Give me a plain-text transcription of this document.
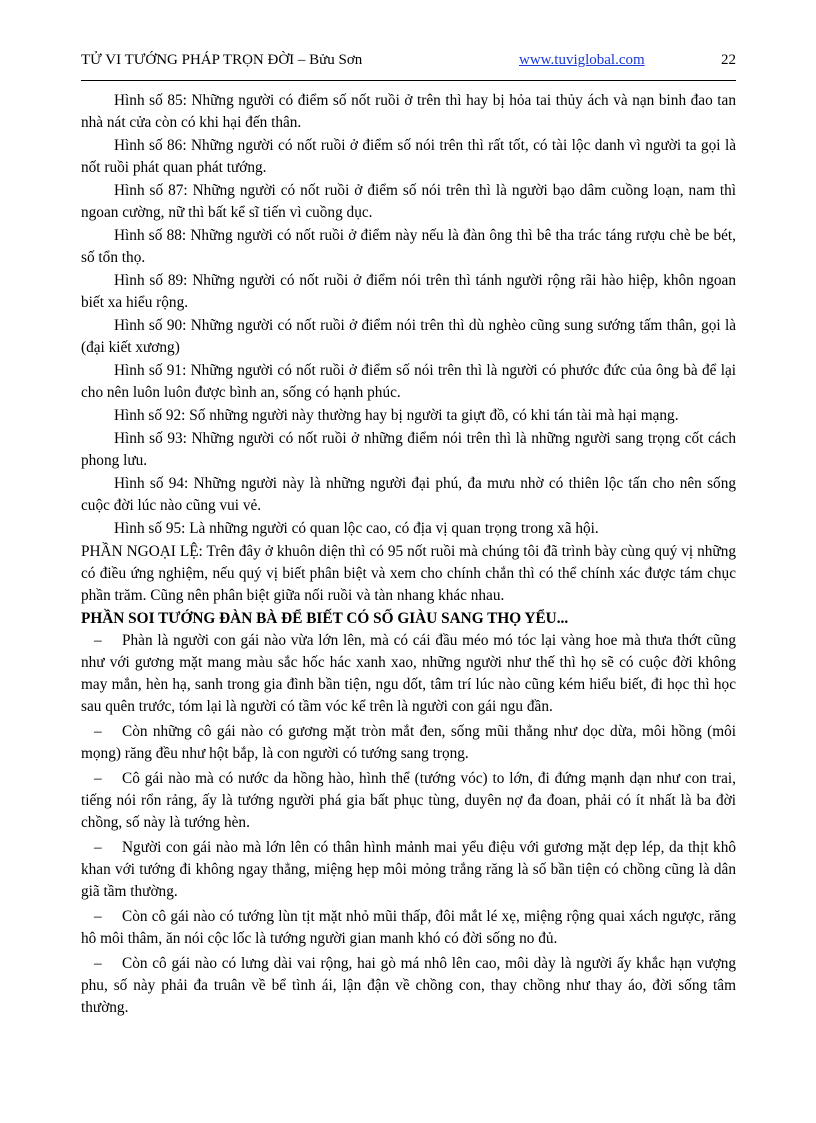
TỬ VI TƯỚNG PHÁP TRỌN ĐỜI – Bửu Sơn	www.tuviglobal.com	22

Hình số 85: Những người có điểm số nốt ruồi ở trên thì hay bị hỏa tai thủy ách và nạn binh đao tan nhà nát cửa còn có khi hại đến thân.

Hình số 86: Những người có nốt ruồi ở điểm số nói trên thì rất tốt, có tài lộc danh vì người ta gọi là nốt ruồi phát quan phát tướng.

Hình số 87: Những người có nốt ruồi ở điểm số nói trên thì là người bạo dâm cuồng loạn, nam thì ngoan cường, nữ thì bất kể sĩ tiến vì cuồng dục.

Hình số 88: Những người có nốt ruồi ở điểm này nếu là đàn ông thì bê tha trác táng rượu chè be bét, số tổn thọ.

Hình số 89: Những người có nốt ruồi ở điểm nói trên thì tánh người rộng rãi hào hiệp, khôn ngoan biết xa hiểu rộng.

Hình số 90: Những người có nốt ruồi ở điểm nói trên thì dù nghèo cũng sung sướng tấm thân, gọi là (đại kiết xương)

Hình số 91: Những người có nốt ruồi ở điểm số nói trên thì là người có phước đức của ông bà để lại cho nên luôn luôn được bình an, sống có hạnh phúc.

Hình số 92: Số những người này thường hay bị người ta giựt đồ, có khi tán tài mà hại mạng.

Hình số 93: Những người có nốt ruồi ở những điểm nói trên thì là những người sang trọng cốt cách phong lưu.

Hình số 94: Những người này là những người đại phú, đa mưu nhờ có thiên lộc tấn cho nên sống cuộc đời lúc nào cũng vui vẻ.

Hình số 95: Là những người có quan lộc cao, có địa vị quan trọng trong xã hội.

PHẦN NGOẠI LỆ: Trên đây ở khuôn diện thì có 95 nốt ruồi mà chúng tôi đã trình bày cùng quý vị những có điều ứng nghiệm, nếu quý vị biết phân biệt và xem cho chính chắn thì có thể chính xác được tám chục phần trăm. Cũng nên phân biệt giữa nối ruồi và tàn nhang khác nhau.

PHẦN SOI TƯỚNG ĐÀN BÀ ĐỂ BIẾT CÓ SỐ GIÀU SANG THỌ YỂU...

– Phàn là người con gái nào vừa lớn lên, mà có cái đầu méo mó tóc lại vàng hoe mà thưa thớt cũng như với gương mặt mang màu sắc hốc hác xanh xao, những người như thế thì họ sẽ có cuộc đời không may mắn, hèn hạ, sanh trong gia đình bần tiện, ngu dốt, tâm trí lúc nào cũng kém hiểu biết, đi học thì học sau quên trước, tóm lại là người có tầm vóc kể trên là người con gái ngu đần.

– Còn những cô gái nào có gương mặt tròn mắt đen, sống mũi thẳng như dọc dừa, môi hồng (môi mọng) răng đều như hột bắp, là con người có tướng sang trọng.

– Cô gái nào mà có nước da hồng hào, hình thể (tướng vóc) to lớn, đi đứng mạnh dạn như con trai, tiếng nói rổn rảng, ấy là tướng người phá gia bất phục tùng, duyên nợ đa đoan, phải có ít nhất là ba đời chồng, số này là tướng hèn.

– Người con gái nào mà lớn lên có thân hình mảnh mai yểu điệu với gương mặt dẹp lép, da thịt khô khan với tướng đi không ngay thẳng, miệng hẹp môi mỏng trắng răng là số bần tiện có chồng cũng là dân giã tầm thường.

– Còn cô gái nào có tướng lùn tịt mặt nhỏ mũi thấp, đôi mắt lé xẹ, miệng rộng quai xách ngược, răng hô môi thâm, ăn nói cộc lốc là tướng người gian manh khó có đời sống no đủ.

– Còn cô gái nào có lưng dài vai rộng, hai gò má nhô lên cao, môi dày là người ấy khắc hạn vượng phu, số này phải đa truân về bể tình ái, lận đận về chồng con, thay chồng như thay áo, đời sống tâm thường.
